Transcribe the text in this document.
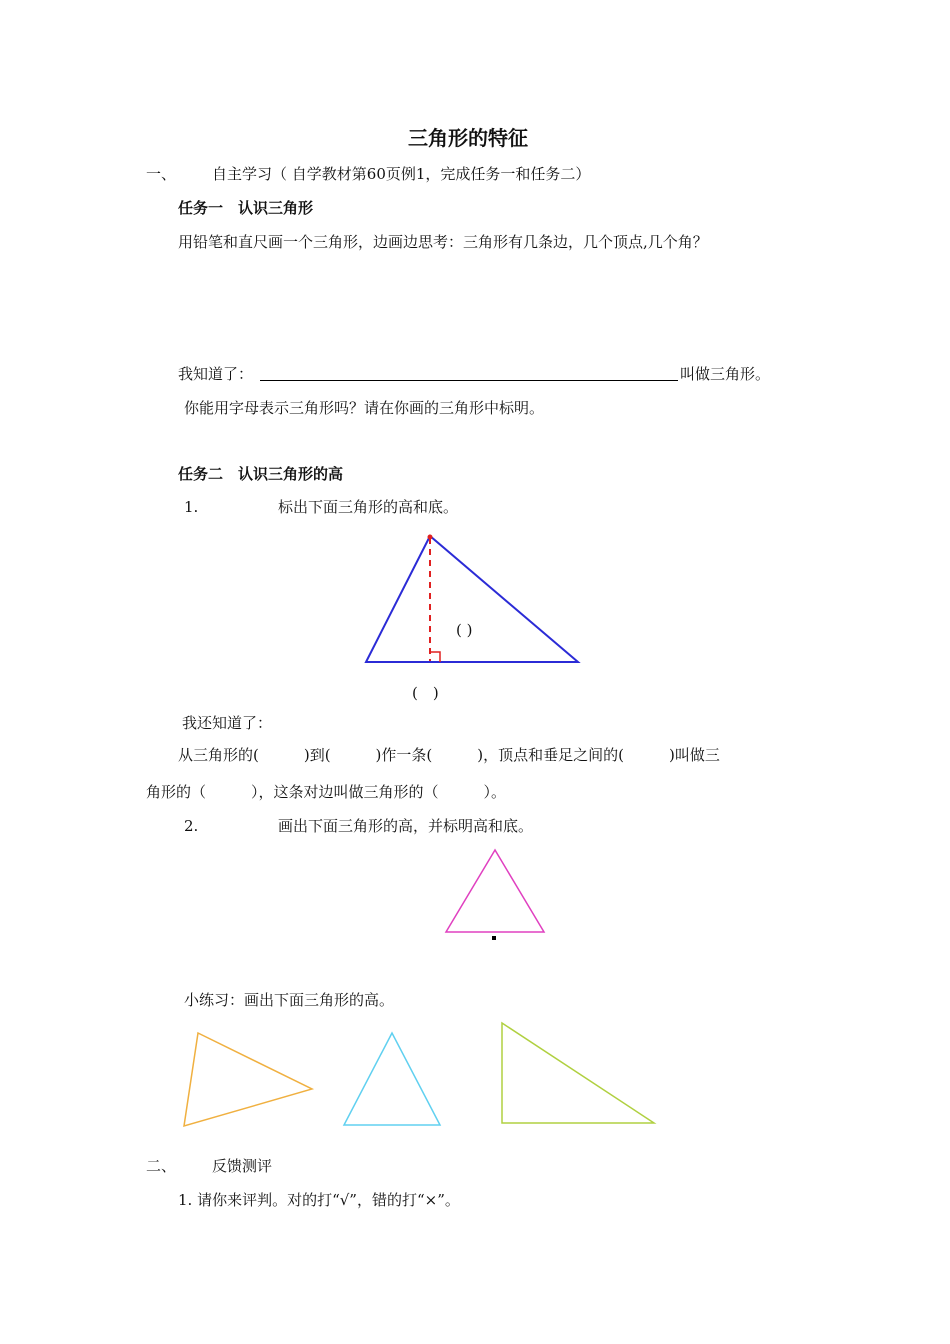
三角形的特征
一、 自主学习（ 自学教材第60页例1，完成任务一和任务二）
任务一　认识三角形
用铅笔和直尺画一个三角形，边画边思考：三角形有几条边，几个顶点,几个角？
我知道了：	叫做三角形。
你能用字母表示三角形吗？请在你画的三角形中标明。
任务二　认识三角形的高
1.	标出下面三角形的高和底。
( )
(　)
我还知道了：
从三角形的(　　　)到(　　　)作一条(　　　)，顶点和垂足之间的(　　　)叫做三
角形的（　　　），这条对边叫做三角形的（　　　）。
2.	画出下面三角形的高，并标明高和底。
小练习：画出下面三角形的高。
二、 反馈测评
1. 请你来评判。对的打“√”，错的打“×”。
